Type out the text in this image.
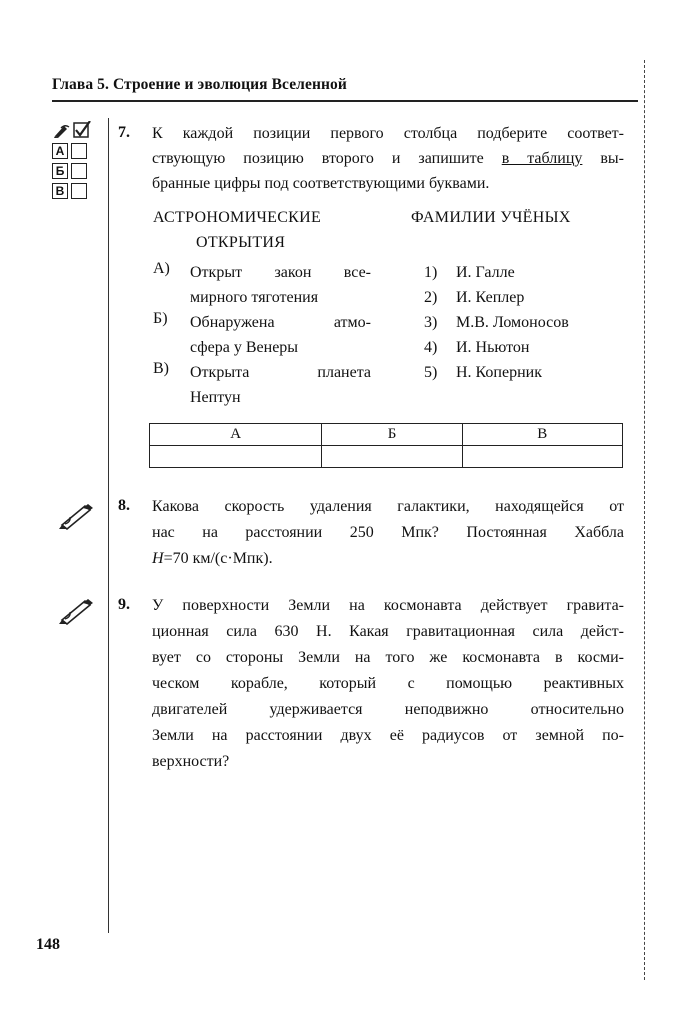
Глава 5. Строение и эволюция Вселенной
А
Б
В
7. К каждой позиции первого столбца подберите соответ-
ствующую позицию второго и запишите в таблицу вы-
бранные цифры под соответствующими буквами.
АСТРОНОМИЧЕСКИЕ
ОТКРЫТИЯ
ФАМИЛИИ УЧЁНЫХ
А)	Открыт закон все-
мирного тяготения
Б)	Обнаружена атмо-
сфера у Венеры
В)	Открыта планета
Нептун
1)	И. Галле
2)	И. Кеплер
3)	М.В. Ломоносов
4)	И. Ньютон
5)	Н. Коперник
А	Б	В

8. Какова скорость удаления галактики, находящейся от
нас на расстоянии 250 Мпк? Постоянная Хаббла
H=70 км/(с·Мпк).
9. У поверхности Земли на космонавта действует гравита-
ционная сила 630 Н. Какая гравитационная сила дейст-
вует со стороны Земли на того же космонавта в косми-
ческом корабле, который с помощью реактивных
двигателей удерживается неподвижно относительно
Земли на расстоянии двух её радиусов от земной по-
верхности?
148
